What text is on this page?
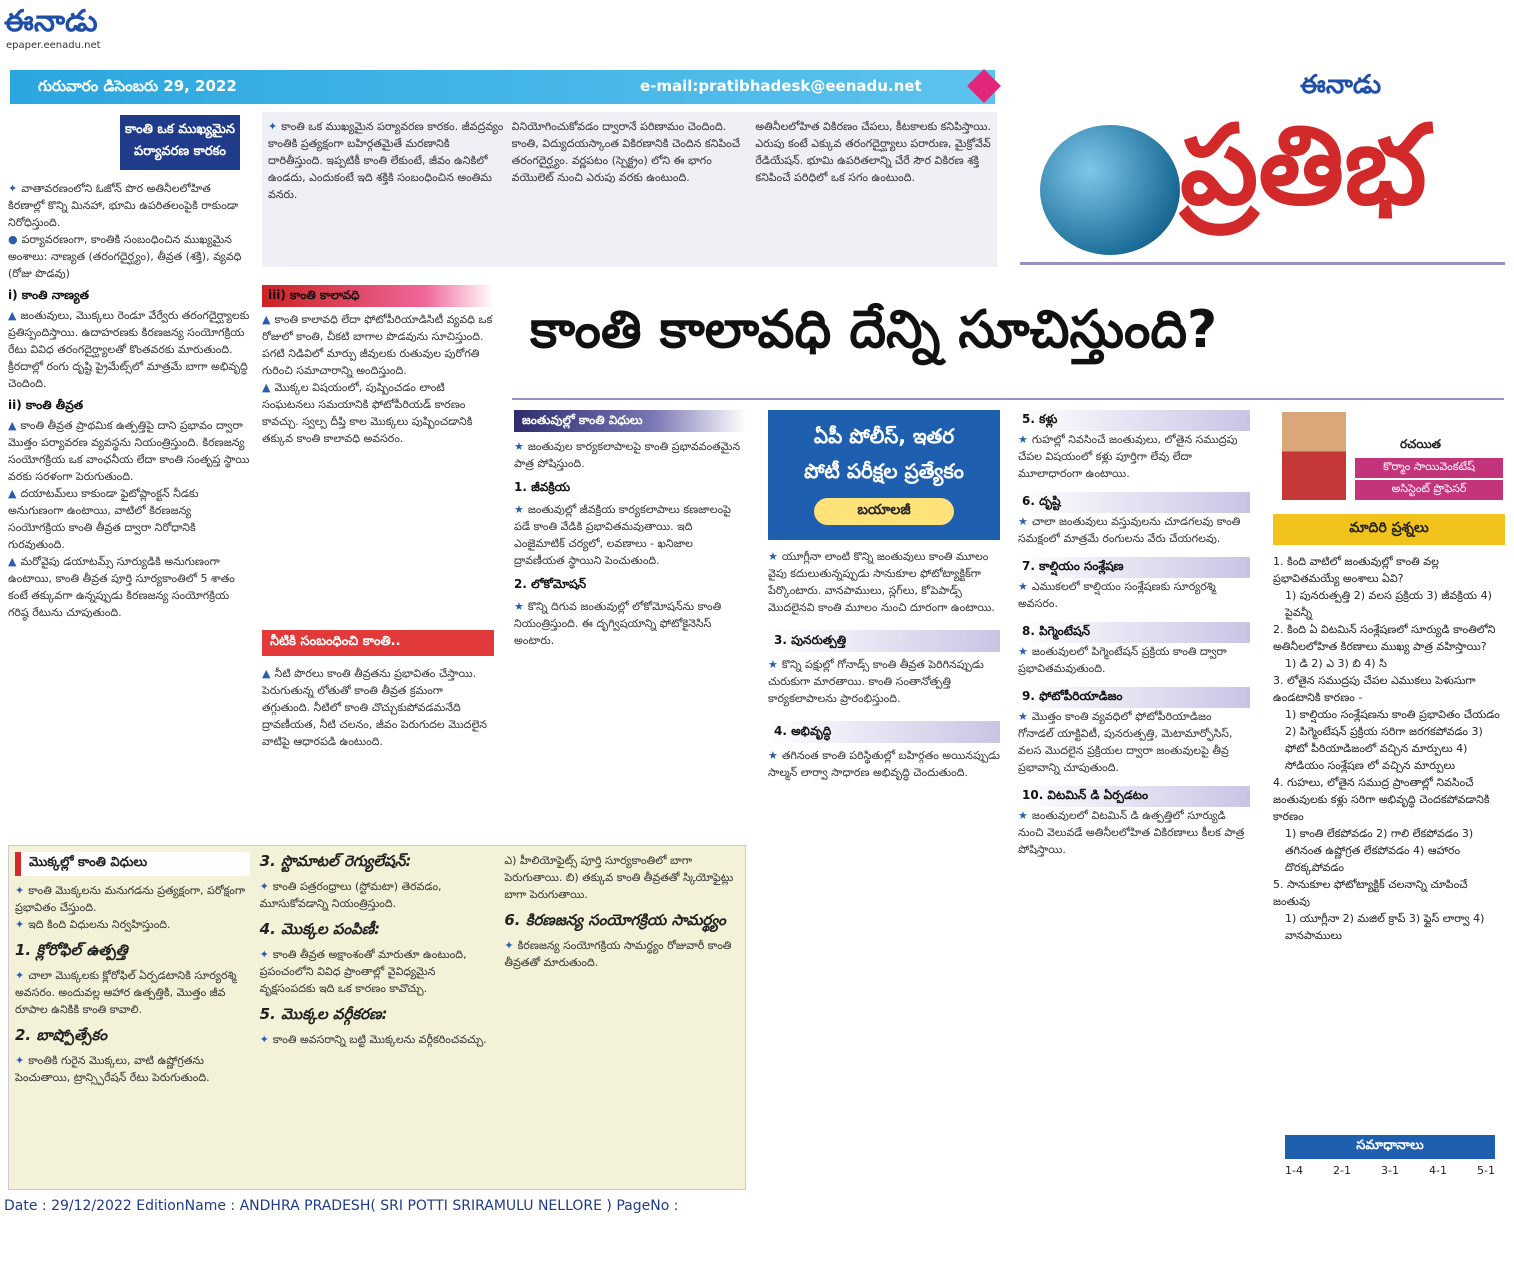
ఈనాడు
epaper.eenadu.net
గురువారం డిసెంబరు 29, 2022	e-mail:pratibhadesk@eenadu.net	ఈనాడు
ప్రతిభ
కాంతి ఒక ముఖ్యమైన పర్యావరణ కారకం

✦ వాతావరణంలోని ఓజోన్ పొర అతినీలలోహిత కిరణాల్లో కొన్ని మినహా, భూమి ఉపరితలంపైకి రాకుండా నిరోధిస్తుంది.

● పర్యావరణంగా, కాంతికి సంబంధించిన ముఖ్యమైన అంశాలు: నాణ్యత (తరంగదైర్ఘ్యం), తీవ్రత (శక్తి), వ్యవధి (రోజు పొడవు)

i) కాంతి నాణ్యత

▲ జంతువులు, మొక్కలు రెండూ వేర్వేరు తరంగదైర్ఘ్యాలకు ప్రతిస్పందిస్తాయి. ఉదాహరణకు కిరణజన్య సంయోగక్రియ రేటు వివిధ తరంగదైర్ఘ్యాలతో కొంతవరకు మారుతుంది. క్రీరదాల్లో రంగు దృష్టి ప్రైమేట్స్‌లో మాత్రమే బాగా అభివృద్ధి చెందింది.

ii) కాంతి తీవ్రత

▲ కాంతి తీవ్రత ప్రాథమిక ఉత్పత్తిపై దాని ప్రభావం ద్వారా మొత్తం పర్యావరణ వ్యవస్థను నియంత్రిస్తుంది. కిరణజన్య సంయోగక్రియ ఒక వాంఛనీయ లేదా కాంతి సంతృప్త స్థాయి వరకు సరళంగా పెరుగుతుంది.

▲ దయాటమ్‌లు కాకుండా ఫైటోప్లాంక్టన్ నీడకు అనుగుణంగా ఉంటాయి, వాటిలో కిరణజన్య సంయోగక్రియ కాంతి తీవ్రత ద్వారా నిరోధానికి గురవుతుంది.

▲ మరోవైపు డయాటమ్స్ సూర్యుడికి అనుగుణంగా ఉంటాయి, కాంతి తీవ్రత పూర్తి సూర్యకాంతిలో 5 శాతం కంటే తక్కువగా ఉన్నప్పుడు కిరణజన్య సంయోగక్రియ గరిష్ఠ రేటును చూపుతుంది.

✦ కాంతి ఒక ముఖ్యమైన పర్యావరణ కారకం. జీవద్రవ్యం కాంతికి ప్రత్యక్షంగా బహిర్గతమైతే మరణానికి దారితీస్తుంది. ఇప్పటికీ కాంతి లేకుంటే, జీవం ఉనికిలో ఉండదు, ఎందుకంటే ఇది శక్తికి సంబంధించిన అంతిమ వనరు.

వినియోగించుకోవడం ద్వారానే పరిణామం చెందింది. కాంతి, విద్యుదయస్కాంత వికిరణానికి చెందిన కనిపించే తరంగదైర్ఘ్యం. వర్ణపటం (స్పెక్ట్రం) లోని ఈ భాగం వయొలెట్ నుంచి ఎరుపు వరకు ఉంటుంది.

అతినీలలోహిత వికిరణం చేపలు, కీటకాలకు కనిపిస్తాయి. ఎరుపు కంటే ఎక్కువ తరంగదైర్ఘ్యాలు పరారుణ, మైక్రోవేవ్ రేడియేషన్. భూమి ఉపరితలాన్ని చేరే సౌర వికిరణ శక్తి కనిపించే పరిధిలో ఒక సగం ఉంటుంది.

iii) కాంతి కాలావధి

▲ కాంతి కాలావధి లేదా ఫోటోపీరియాడిసిటీ వ్యవధి ఒక రోజులో కాంతి, చీకటి బాగాల పొడవును సూచిస్తుంది. పగటి నిడివిలో మార్పు జీవులకు రుతువుల పురోగతి గురించి సమాచారాన్ని అందిస్తుంది.

▲ మొక్కల విషయంలో, పుష్పించడం లాంటి సంఘటనలు సమయానికి ఫోటోపీరియడ్ కారణం కావచ్చు. స్వల్ప దీప్తి కాల మొక్కలు పుష్పించడానికి తక్కువ కాంతి కాలావధి అవసరం.

నీటికి సంబంధించి కాంతి..

▲ నీటి పొరలు కాంతి తీవ్రతను ప్రభావితం చేస్తాయి. పెరుగుతున్న లోతుతో కాంతి తీవ్రత క్రమంగా తగ్గుతుంది. నీటిలో కాంతి చొచ్చుకుపోవడమనేది ద్రావణీయత, నీటి చలనం, జీవం పెరుగుదల మొదలైన వాటిపై ఆధారపడి ఉంటుంది.

కాంతి కాలావధి దేన్ని సూచిస్తుంది?
జంతువుల్లో కాంతి విధులు

★ జంతువుల కార్యకలాపాలపై కాంతి ప్రభావవంతమైన పాత్ర పోషిస్తుంది.

1. జీవక్రియ

★ జంతువుల్లో జీవక్రియ కార్యకలాపాలు కణజాలంపై పడే కాంతి వేడికి ప్రభావితమవుతాయి. ఇది ఎంజైమాటిక్ చర్యలో, లవణాలు - ఖనిజాల ద్రావణీయత స్థాయిని పెంచుతుంది.

2. లోకోమోషన్

★ కొన్ని దిగువ జంతువుల్లో లోకోమోషన్‌ను కాంతి నియంత్రిస్తుంది. ఈ దృగ్విషయాన్ని ఫోటోకైనెసిస్ అంటారు.

ఏపీ పోలీస్, ఇతర
పోటీ పరీక్షల ప్రత్యేకం
బయాలజీ

★ యూగ్లీనా లాంటి కొన్ని జంతువులు కాంతి మూలం వైపు కదులుతున్నప్పుడు సానుకూల ఫోటోట్యాక్టిక్‌గా పేర్కొంటారు. వానపాములు, స్లగ్‌లు, కోపెపాడ్స్ మొదలైనవి కాంతి మూలం నుంచి దూరంగా ఉంటాయి.

3. పునరుత్పత్తి

★ కొన్ని పక్షుల్లో గోనాడ్స్ కాంతి తీవ్రత పెరిగినప్పుడు చురుకుగా మారతాయి. కాంతి సంతానోత్పత్తి కార్యకలాపాలను ప్రారంభిస్తుంది.

4. అభివృద్ధి

★ తగినంత కాంతి పరిస్థితుల్లో బహిర్గతం అయినప్పుడు సాల్మన్ లార్వా సాధారణ అభివృద్ధి చెందుతుంది.

5. కళ్లు

★ గుహల్లో నివసించే జంతువులు, లోతైన సముద్రపు చేపల విషయంలో కళ్లు పూర్తిగా లేవు లేదా మూలాధారంగా ఉంటాయి.

6. దృష్టి

★ చాలా జంతువులు వస్తువులను చూడగలవు కాంతి సమక్షంలో మాత్రమే రంగులను వేరు చేయగలవు.

7. కాల్షియం సంశ్లేషణ

★ ఎముకలలో కాల్షియం సంశ్లేషణకు సూర్యరశ్మి అవసరం.

8. పిగ్మెంటేషన్

★ జంతువులలో పిగ్మెంటేషన్ ప్రక్రియ కాంతి ద్వారా ప్రభావితమవుతుంది.

9. ఫోటోపీరియాడిజం

★ మొత్తం కాంతి వ్యవధిలో ఫోటోపీరియాడిజం గోనాడల్ యాక్టివిటీ, పునరుత్పత్తి, మెటామార్ఫోసిస్, వలస మొదలైన ప్రక్రియల ద్వారా జంతువులపై తీవ్ర ప్రభావాన్ని చూపుతుంది.

10. విటమిన్ డి ఏర్పడటం

★ జంతువులలో విటమిన్ డి ఉత్పత్తిలో సూర్యుడి నుంచి వెలువడే అతినీలలోహిత వికిరణాలు కీలక పాత్ర పోషిస్తాయి.

రచయిత
కొర్మాం సాయివెంకటేష్
అసిస్టెంట్ ప్రొఫెసర్
మాదిరి ప్రశ్నలు

1. కింది వాటిలో జంతువుల్లో కాంతి వల్ల ప్రభావితమయ్యే అంశాలు ఏవి?

1) పునరుత్పత్తి 2) వలస ప్రక్రియ 3) జీవక్రియ 4) పైవన్నీ

2. కింది ఏ విటమిన్ సంశ్లేషణలో సూర్యుడి కాంతిలోని అతినీలలోహిత కిరణాలు ముఖ్య పాత్ర వహిస్తాయి?

1) డి 2) ఎ 3) బి 4) సి

3. లోతైన సముద్రపు చేపల ఎముకలు పెళుసుగా ఉండటానికి కారణం -

1) కాల్షియం సంశ్లేషణను కాంతి ప్రభావితం చేయడం 2) పిగ్మెంటేషన్ ప్రక్రియ సరిగా జరగకపోవడం 3) ఫోటో పీరియాడిజంలో వచ్చిన మార్పులు 4) సోడియం సంశ్లేషణ లో వచ్చిన మార్పులు

4. గుహలు, లోతైన సముద్ర ప్రాంతాల్లో నివసించే జంతువులకు కళ్లు సరిగా అభివృద్ధి చెందకపోవడానికి కారణం

1) కాంతి లేకపోవడం 2) గాలి లేకపోవడం 3) తగినంత ఉష్ణోగ్రత లేకపోవడం 4) ఆహారం దొరక్కపోవడం

5. సానుకూల ఫోటోట్యాక్టిక్ చలనాన్ని చూపించే జంతువు

1) యూగ్లీనా 2) మజిల్ క్రాప్ 3) ఫ్లైస్ లార్వా 4) వానపాములు

సమాధానాలు
1-4	2-1	3-1	4-1	5-1
మొక్కల్లో కాంతి విధులు

✦ కాంతి మొక్కలను మనుగడను ప్రత్యక్షంగా, పరోక్షంగా ప్రభావితం చేస్తుంది.

✦ ఇది కింది విధులను నిర్వహిస్తుంది.

1. క్లోరోఫిల్ ఉత్పత్తి

✦ చాలా మొక్కలకు క్లోరోఫిల్ ఏర్పడటానికి సూర్యరశ్మి అవసరం. అందువల్ల ఆహార ఉత్పత్తికి, మొత్తం జీవ రూపాల ఉనికికి కాంతి కావాలి.

2. బాష్పోత్సేకం

✦ కాంతికి గురైన మొక్కలు, వాటి ఉష్ణోగ్రతను పెంచుతాయి, ట్రాన్స్పిరేషన్ రేటు పెరుగుతుంది.

3. స్టొమాటల్ రెగ్యులేషన్:

✦ కాంతి పత్రరంధ్రాలు (స్టోమటా) తెరవడం, మూసుకోవడాన్ని నియంత్రిస్తుంది.

4. మొక్కల పంపిణీ:

✦ కాంతి తీవ్రత అక్షాంశంతో మారుతూ ఉంటుంది, ప్రపంచంలోని వివిధ ప్రాంతాల్లో వైవిధ్యమైన వృక్షసంపదకు ఇది ఒక కారణం కావొచ్చు.

5. మొక్కల వర్గీకరణ:

✦ కాంతి అవసరాన్ని బట్టి మొక్కలను వర్గీకరించవచ్చు.

ఎ) హీలియోఫైట్స్ పూర్తి సూర్యకాంతిలో బాగా పెరుగుతాయి. బి) తక్కువ కాంతి తీవ్రతతో స్కియోఫైట్లు బాగా పెరుగుతాయి.

6. కిరణజన్య సంయోగక్రియ సామర్థ్యం

✦ కిరణజన్య సంయోగక్రియ సామర్థ్యం రోజువారీ కాంతి తీవ్రతతో మారుతుంది.

Date : 29/12/2022 EditionName : ANDHRA PRADESH( SRI POTTI SRIRAMULU NELLORE ) PageNo :
